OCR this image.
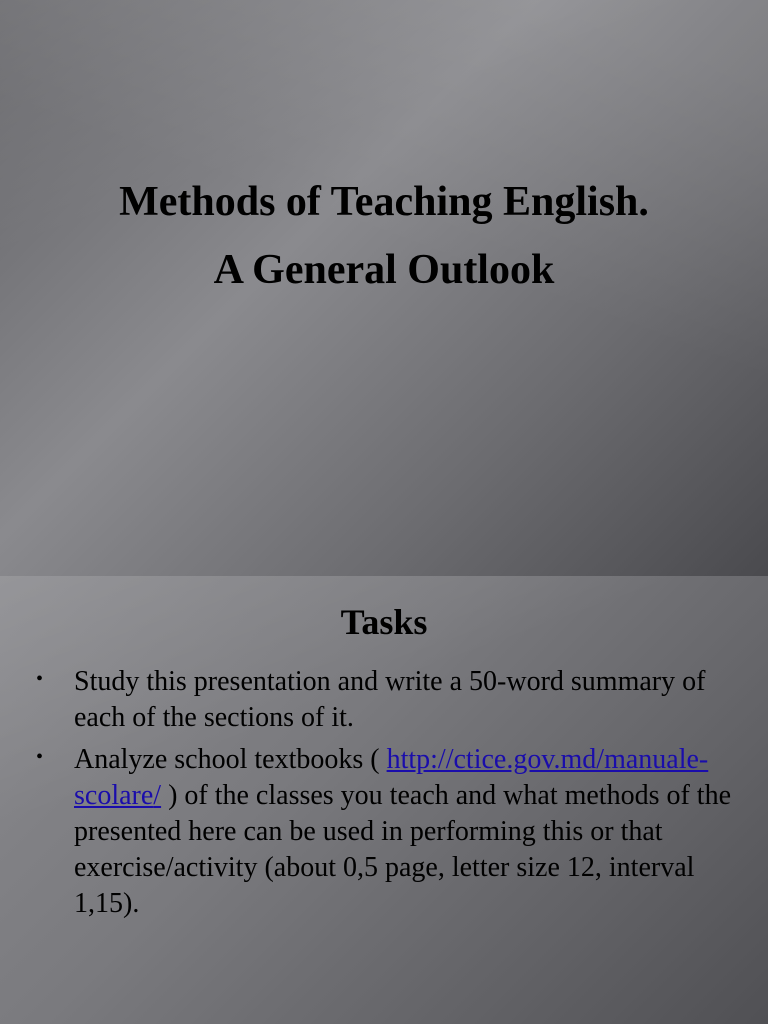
Methods of Teaching English.
A General Outlook
Tasks
• Study this presentation and write a 50-word summary of each of the sections of it.
• Analyze school textbooks ( http://ctice.gov.md/manuale-scolare/ ) of the classes you teach and what methods of the presented here can be used in performing this or that exercise/activity (about 0,5 page, letter size 12, interval 1,15).
